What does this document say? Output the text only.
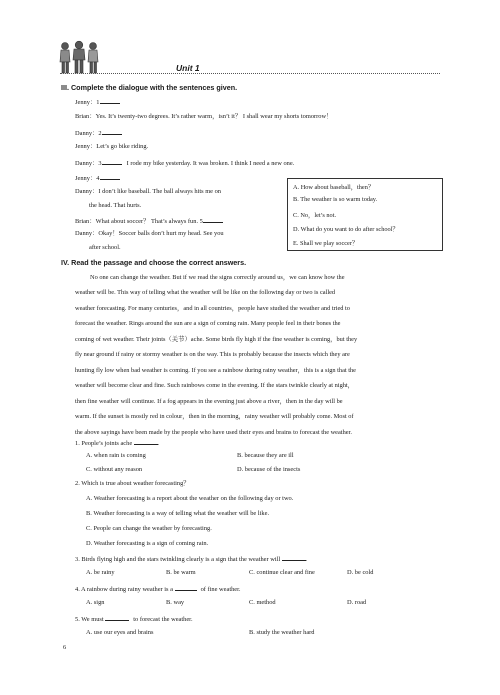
Unit 1
III. Complete the dialogue with the sentences given.
Jenny：1
Brian：Yes. It’s twenty-two degrees. It’s rather warm，isn’t it？ I shall wear my shorts tomorrow！
Danny：2
Jenny：Let’s go bike riding.
Danny：3	I rode my bike yesterday. It was broken. I think I need a new one.
Jenny：4
Danny：I don’t like baseball. The ball always hits me on
the head. That hurts.
Brian：What about soccer？ That’s always fun. 5
Danny：Okay！Soccer balls don’t hurt my head. See you
after school.
A. How about baseball，then？
B. The weather is so warm today.
C. No，let’s not.
D. What do you want to do after school？
E. Shall we play soccer？
IV. Read the passage and choose the correct answers.
No one can change the weather. But if we read the signs correctly around us，we can know how the
weather will be. This way of telling what the weather will be like on the following day or two is called
weather forecasting. For many centuries，and in all countries，people have studied the weather and tried to
forecast the weather. Rings around the sun are a sign of coming rain. Many people feel in their bones the
coming of wet weather. Their joints（关节）ache. Some birds fly high if the fine weather is coming，but they
fly near ground if rainy or stormy weather is on the way. This is probably because the insects which they are
hunting fly low when bad weather is coming. If you see a rainbow during rainy weather，this is a sign that the
weather will become clear and fine. Such rainbows come in the evening. If the stars twinkle clearly at night，
then fine weather will continue. If a fog appears in the evening just above a river，then in the day will be
warm. If the sunset is mostly red in colour，then in the morning，rainy weather will probably come. Most of
the above sayings have been made by the people who have used their eyes and brains to forecast the weather.
1. People’s joints ache	.
A. when rain is coming	B. because they are ill
C. without any reason	D. because of the insects
2. Which is true about weather forecasting？
A. Weather forecasting is a report about the weather on the following day or two.
B. Weather forecasting is a way of telling what the weather will be like.
C. People can change the weather by forecasting.
D. Weather forecasting is a sign of coming rain.
3. Birds flying high and the stars twinkling clearly is a sign that the weather will	.
A. be rainy	B. be warm	C. continue clear and fine	D. be cold
4. A rainbow during rainy weather is a	of fine weather.
A. sign	B. way	C. method	D. road
5. We must	to forecast the weather.
A. use our eyes and brains	B. study the weather hard
6
